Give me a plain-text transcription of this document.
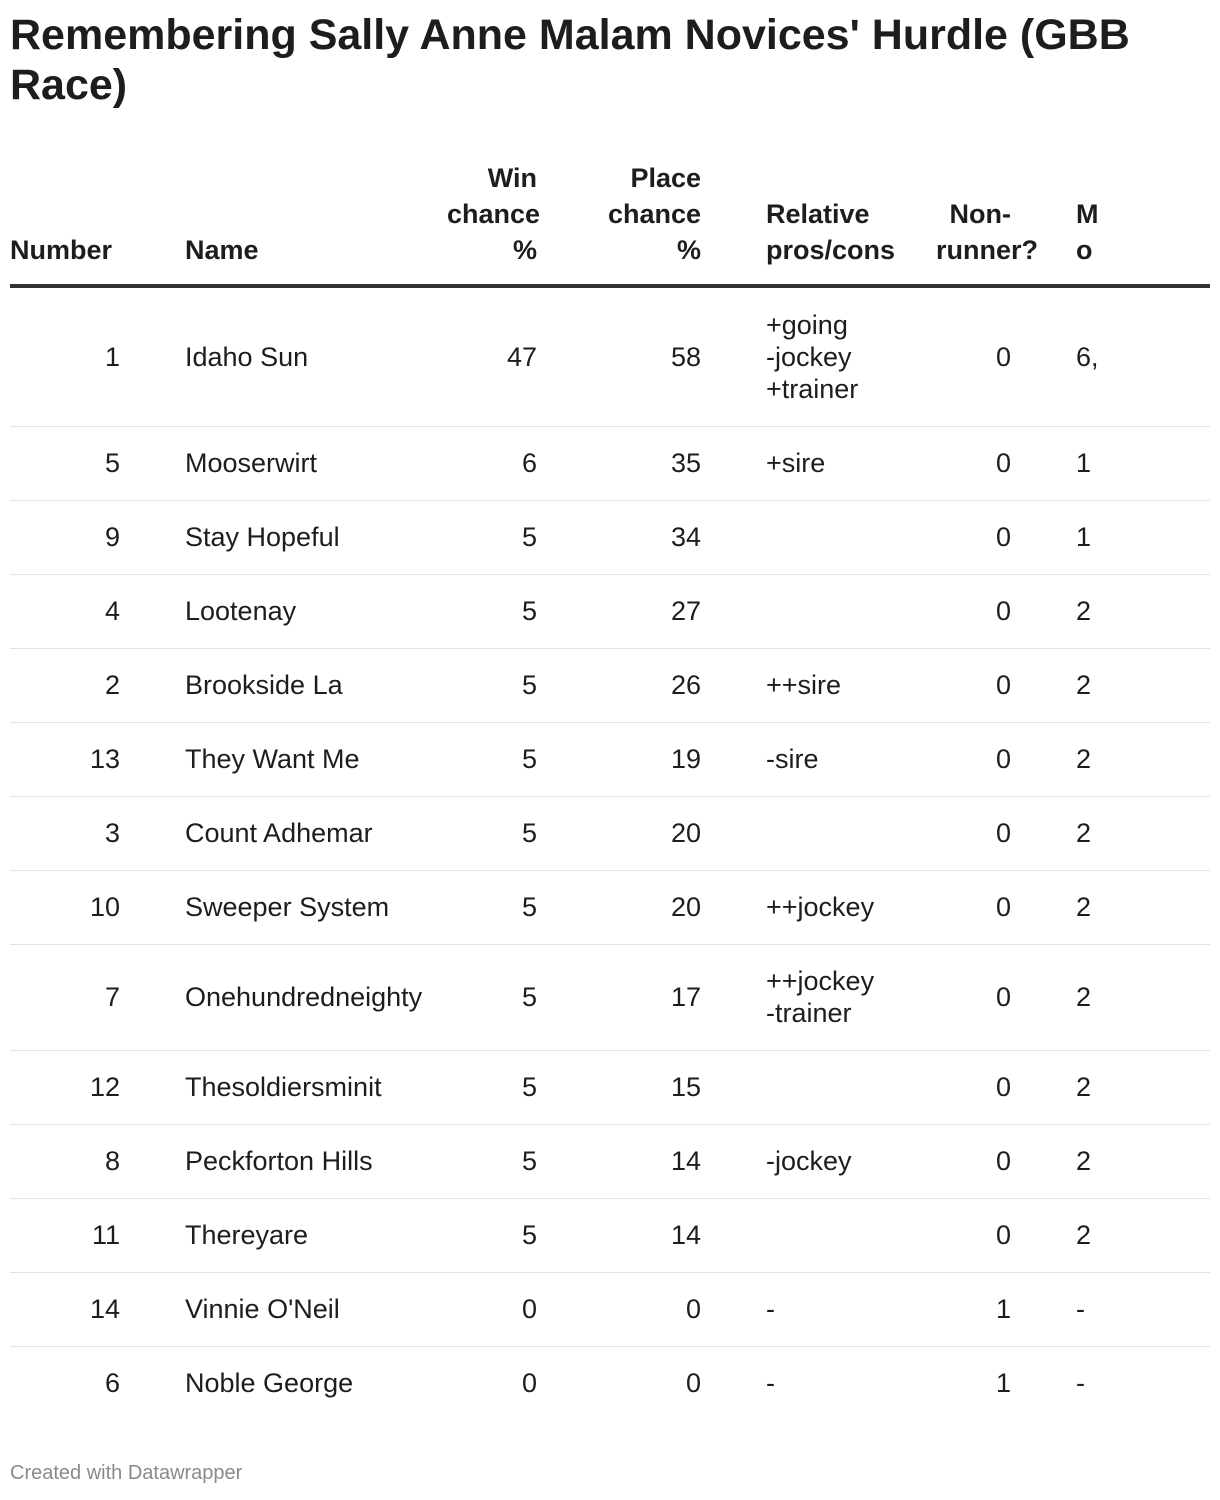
Remembering Sally Anne Malam Novices' Hurdle (GBB Race)
Number	Name	Win
chance
%	Place
chance
%	Relative
pros/cons	Non-
runner?	M
o

1	Idaho Sun	47	58	+going
-jockey
+trainer	0	6,
5	Mooserwirt	6	35	+sire	0	1
9	Stay Hopeful	5	34		0	1
4	Lootenay	5	27		0	2
2	Brookside La	5	26	++sire	0	2
13	They Want Me	5	19	-sire	0	2
3	Count Adhemar	5	20		0	2
10	Sweeper System	5	20	++jockey	0	2
7	Onehundredneighty	5	17	++jockey
-trainer	0	2
12	Thesoldiersminit	5	15		0	2
8	Peckforton Hills	5	14	-jockey	0	2
11	Thereyare	5	14		0	2
14	Vinnie O'Neil	0	0	-	1	-
6	Noble George	0	0	-	1	-
Created with Datawrapper
